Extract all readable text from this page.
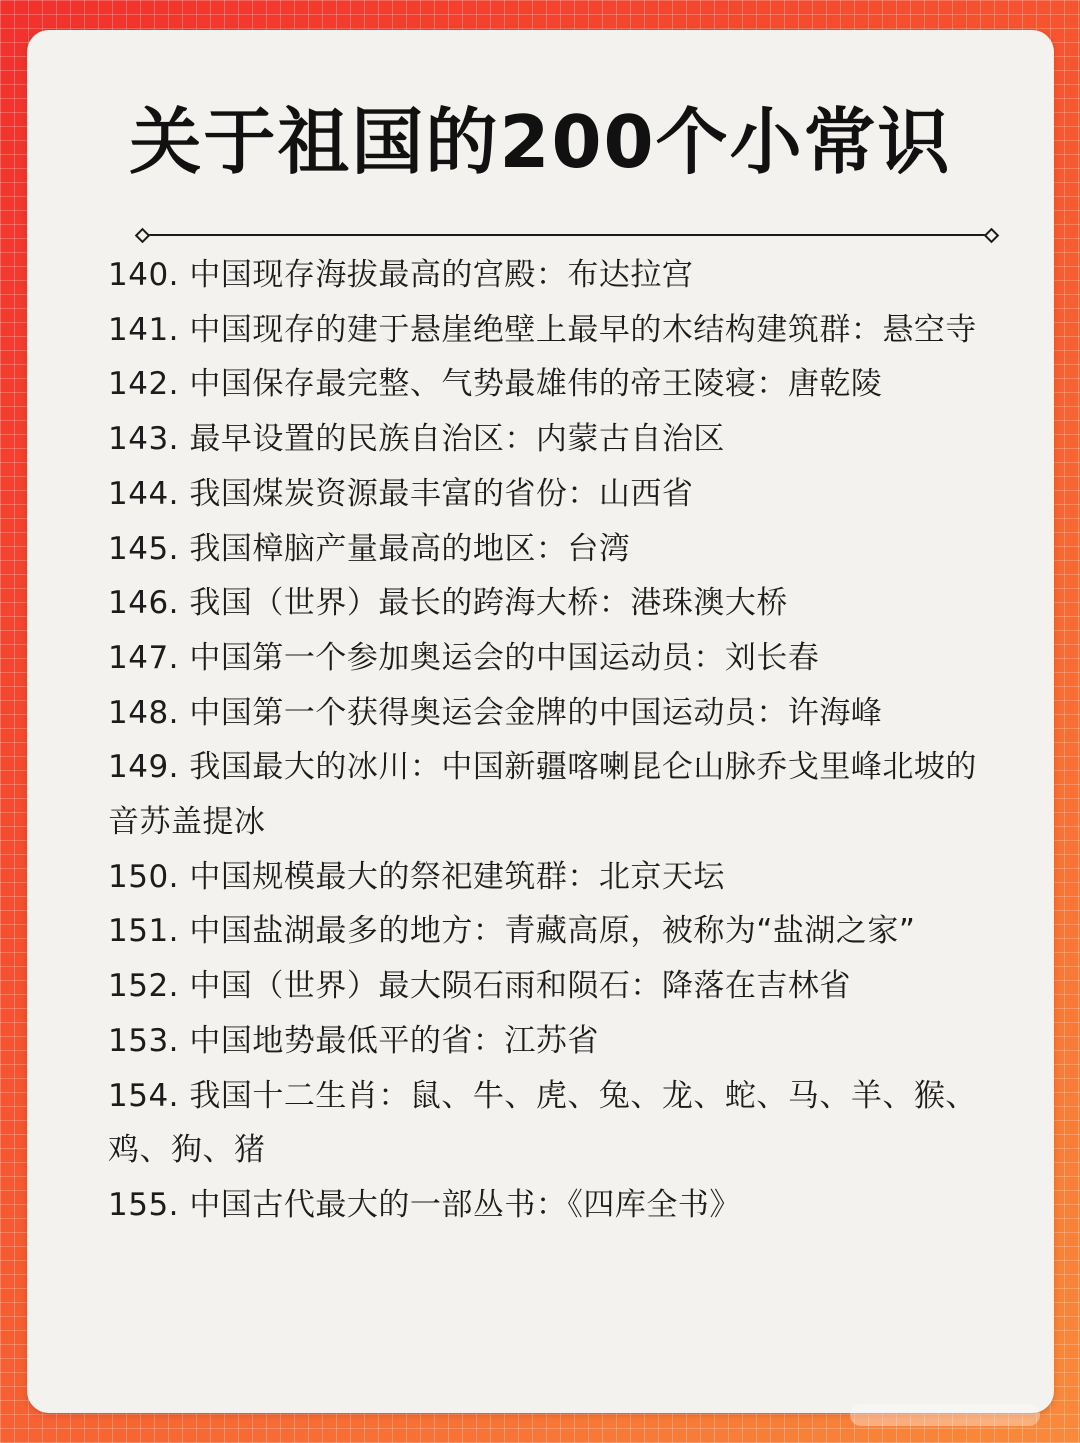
关于祖国的200个小常识

140. 中国现存海拔最高的宫殿：布达拉宫

141. 中国现存的建于悬崖绝壁上最早的木结构建筑群：悬空寺

142. 中国保存最完整、气势最雄伟的帝王陵寝：唐乾陵

143. 最早设置的民族自治区：内蒙古自治区

144. 我国煤炭资源最丰富的省份：山西省

145. 我国樟脑产量最高的地区：台湾

146. 我国（世界）最长的跨海大桥：港珠澳大桥

147. 中国第一个参加奥运会的中国运动员：刘长春

148. 中国第一个获得奥运会金牌的中国运动员：许海峰

149. 我国最大的冰川：中国新疆喀喇昆仑山脉乔戈里峰北坡的音苏盖提冰

150. 中国规模最大的祭祀建筑群：北京天坛

151. 中国盐湖最多的地方：青藏高原，被称为“盐湖之家”

152. 中国（世界）最大陨石雨和陨石：降落在吉林省

153. 中国地势最低平的省：江苏省

154. 我国十二生肖：鼠、牛、虎、兔、龙、蛇、马、羊、猴、鸡、狗、猪

155. 中国古代最大的一部丛书：《四库全书》
